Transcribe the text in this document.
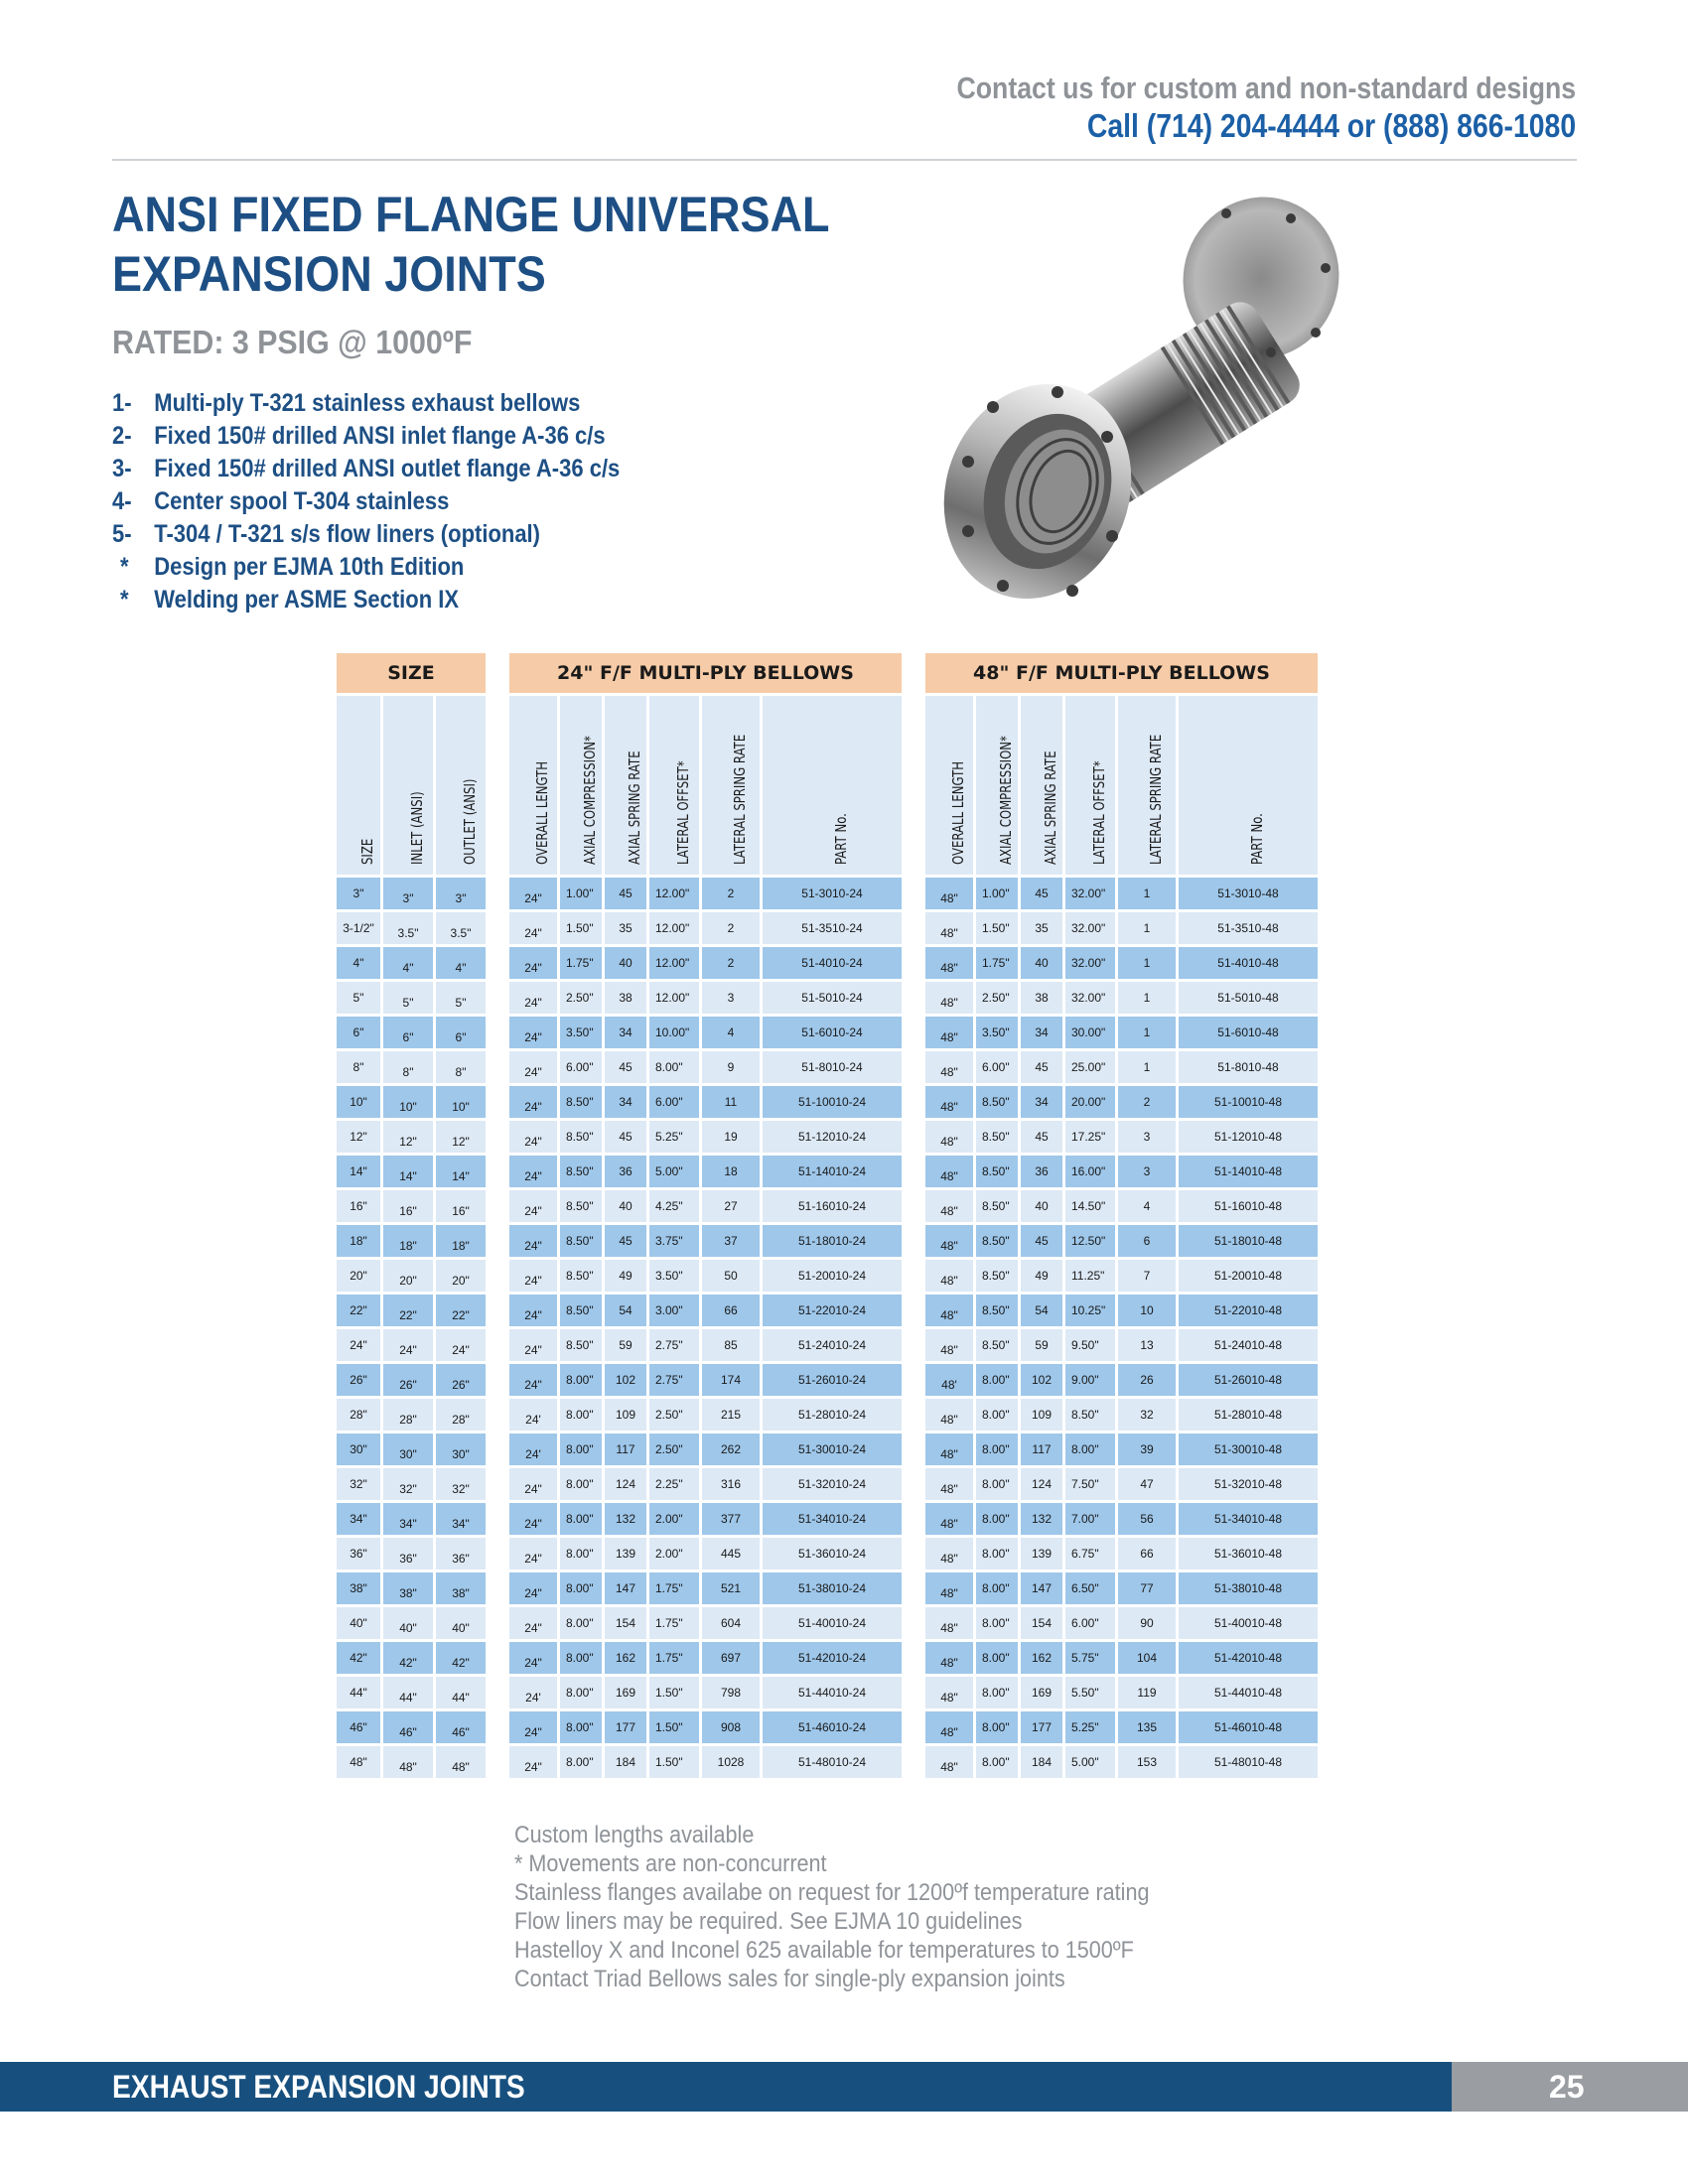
Contact us for custom and non-standard designs
Call (714) 204-4444 or (888) 866-1080
ANSI FIXED FLANGE UNIVERSAL
EXPANSION JOINTS
RATED: 3 PSIG @ 1000ºF
1- Multi-ply T-321 stainless exhaust bellows
2- Fixed 150# drilled ANSI inlet flange A-36 c/s
3- Fixed 150# drilled ANSI outlet flange A-36 c/s
4- Center spool T-304 stainless
5- T-304 / T-321 s/s flow liners (optional)
* Design per EJMA 10th Edition
* Welding per ASME Section IX
SIZE				24" F/F MULTI-PLY BELLOWS							48" F/F MULTI-PLY BELLOWS					

SIZE	INLET (ANSI)	OUTLET (ANSI)		OVERALL LENGTH	AXIAL COMPRESSION*	AXIAL SPRING RATE	LATERAL OFFSET*	LATERAL SPRING RATE	PART No.		OVERALL LENGTH	AXIAL COMPRESSION*	AXIAL SPRING RATE	LATERAL OFFSET*	LATERAL SPRING RATE	PART No.

3"	3"	3"		24"	1.00"	45	12.00"	2	51-3010-24		48"	1.00"	45	32.00"	1	51-3010-48
3-1/2"	3.5"	3.5"		24"	1.50"	35	12.00"	2	51-3510-24		48"	1.50"	35	32.00"	1	51-3510-48
4"	4"	4"		24"	1.75"	40	12.00"	2	51-4010-24		48"	1.75"	40	32.00"	1	51-4010-48
5"	5"	5"		24"	2.50"	38	12.00"	3	51-5010-24		48"	2.50"	38	32.00"	1	51-5010-48
6"	6"	6"		24"	3.50"	34	10.00"	4	51-6010-24		48"	3.50"	34	30.00"	1	51-6010-48
8"	8"	8"		24"	6.00"	45	8.00"	9	51-8010-24		48"	6.00"	45	25.00"	1	51-8010-48
10"	10"	10"		24"	8.50"	34	6.00"	11	51-10010-24		48"	8.50"	34	20.00"	2	51-10010-48
12"	12"	12"		24"	8.50"	45	5.25"	19	51-12010-24		48"	8.50"	45	17.25"	3	51-12010-48
14"	14"	14"		24"	8.50"	36	5.00"	18	51-14010-24		48"	8.50"	36	16.00"	3	51-14010-48
16"	16"	16"		24"	8.50"	40	4.25"	27	51-16010-24		48"	8.50"	40	14.50"	4	51-16010-48
18"	18"	18"		24"	8.50"	45	3.75"	37	51-18010-24		48"	8.50"	45	12.50"	6	51-18010-48
20"	20"	20"		24"	8.50"	49	3.50"	50	51-20010-24		48"	8.50"	49	11.25"	7	51-20010-48
22"	22"	22"		24"	8.50"	54	3.00"	66	51-22010-24		48"	8.50"	54	10.25"	10	51-22010-48
24"	24"	24"		24"	8.50"	59	2.75"	85	51-24010-24		48"	8.50"	59	9.50"	13	51-24010-48
26"	26"	26"		24"	8.00"	102	2.75"	174	51-26010-24		48'	8.00"	102	9.00"	26	51-26010-48
28"	28"	28"		24'	8.00"	109	2.50"	215	51-28010-24		48"	8.00"	109	8.50"	32	51-28010-48
30"	30"	30"		24'	8.00"	117	2.50"	262	51-30010-24		48"	8.00"	117	8.00"	39	51-30010-48
32"	32"	32"		24"	8.00"	124	2.25"	316	51-32010-24		48"	8.00"	124	7.50"	47	51-32010-48
34"	34"	34"		24"	8.00"	132	2.00"	377	51-34010-24		48"	8.00"	132	7.00"	56	51-34010-48
36"	36"	36"		24"	8.00"	139	2.00"	445	51-36010-24		48"	8.00"	139	6.75"	66	51-36010-48
38"	38"	38"		24"	8.00"	147	1.75"	521	51-38010-24		48"	8.00"	147	6.50"	77	51-38010-48
40"	40"	40"		24"	8.00"	154	1.75"	604	51-40010-24		48"	8.00"	154	6.00"	90	51-40010-48
42"	42"	42"		24"	8.00"	162	1.75"	697	51-42010-24		48"	8.00"	162	5.75"	104	51-42010-48
44"	44"	44"		24'	8.00"	169	1.50"	798	51-44010-24		48"	8.00"	169	5.50"	119	51-44010-48
46"	46"	46"		24"	8.00"	177	1.50"	908	51-46010-24		48"	8.00"	177	5.25"	135	51-46010-48
48"	48"	48"		24"	8.00"	184	1.50"	1028	51-48010-24		48"	8.00"	184	5.00"	153	51-48010-48
Custom lengths available
* Movements are non-concurrent
Stainless flanges availabe on request for 1200ºf temperature rating
Flow liners may be required. See EJMA 10 guidelines
Hastelloy X and Inconel 625 available for temperatures to 1500ºF
Contact Triad Bellows sales for single-ply expansion joints
EXHAUST EXPANSION JOINTS	25
